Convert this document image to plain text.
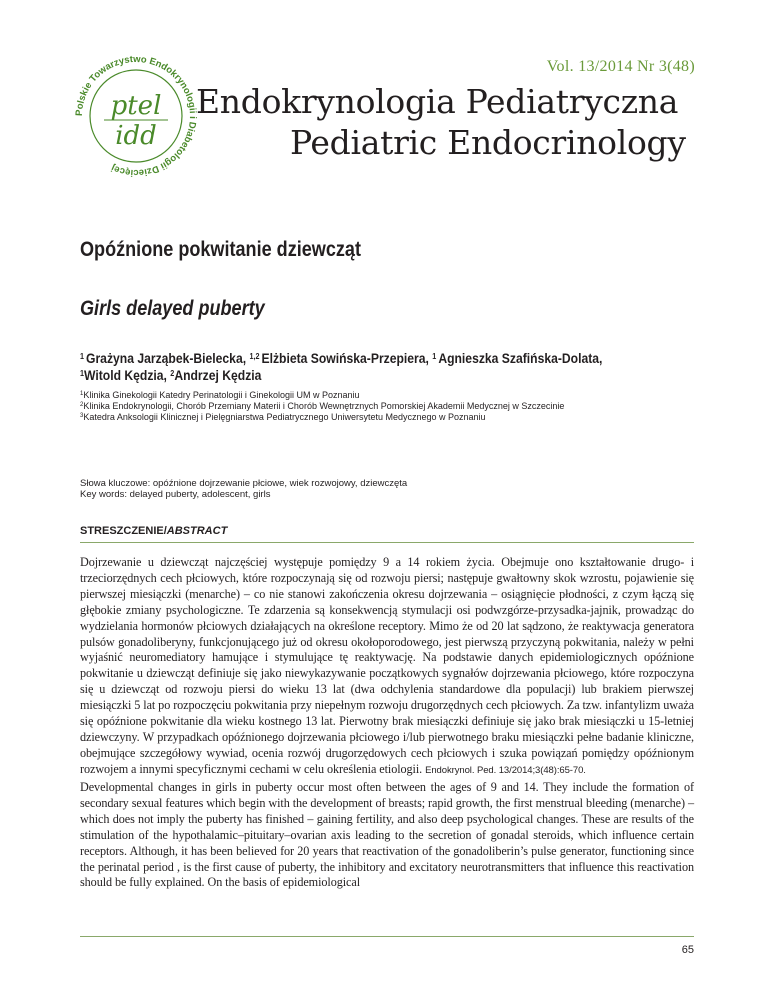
Polskie Towarzystwo Endokrynologii i Diabetologii Dziecięcej
ptel
idd
Vol. 13/2014 Nr 3(48)
Endokrynologia Pediatryczna
Pediatric Endocrinology
Opóźnione pokwitanie dziewcząt
Girls delayed puberty
$^1$ Grażyna Jarząbek-Bielecka, $^{1,2}$ Elżbieta Sowińska-Przepiera, $^1$ Agnieszka Szafińska-Dolata,
$^1$Witold Kędzia, $^2$Andrzej Kędzia
$^1$Klinika Ginekologii Katedry Perinatologii i Ginekologii UM w Poznaniu
$^2$Klinika Endokrynologii, Chorób Przemiany Materii i Chorób Wewnętrznych Pomorskiej Akademii Medycznej w Szczecinie
$^3$Katedra Anksologii Klinicznej i Pielęgniarstwa Pediatrycznego Uniwersytetu Medycznego w Poznaniu
Słowa kluczowe: opóźnione dojrzewanie płciowe, wiek rozwojowy, dziewczęta
Key words: delayed puberty, adolescent, girls
STRESZCZENIE/ABSTRACT
Dojrzewanie u dziewcząt najczęściej występuje pomiędzy 9 a 14 rokiem życia. Obejmuje ono kształtowanie drugo- i trzeciorzędnych cech płciowych, które rozpoczynają się od rozwoju piersi; następuje gwałtowny skok wzrostu, pojawienie się pierwszej miesiączki (menarche) – co nie stanowi zakończenia okresu dojrzewania – osiągnięcie płodności, z czym łączą się głębokie zmiany psychologiczne. Te zdarzenia są konsekwencją stymulacji osi podwzgórze-przysadka-jajnik, prowadząc do wydzielania hormonów płciowych działających na określone receptory. Mimo że od 20 lat sądzono, że reaktywacja generatora pulsów gonadoliberyny, funkcjonującego już od okresu okołoporodowego, jest pierwszą przyczyną pokwitania, należy w pełni wyjaśnić neuromediatory hamujące i stymulujące tę reaktywację. Na podstawie danych epidemiologicznych opóźnione pokwitanie u dziewcząt definiuje się jako niewykazywanie początkowych sygnałów dojrzewania płciowego, które rozpoczyna się u dziewcząt od rozwoju piersi do wieku 13 lat (dwa odchylenia standardowe dla populacji) lub brakiem pierwszej miesiączki 5 lat po rozpoczęciu pokwitania przy niepełnym rozwoju drugorzędnych cech płciowych. Za tzw. infantylizm uważa się opóźnione pokwitanie dla wieku kostnego 13 lat. Pierwotny brak miesiączki definiuje się jako brak miesiączki u 15-letniej dziewczyny. W przypadkach opóźnionego dojrzewania płciowego i/lub pierwotnego braku miesiączki pełne badanie kliniczne, obejmujące szczegółowy wywiad, ocenia rozwój drugorzędowych cech płciowych i szuka powiązań pomiędzy opóźnionym rozwojem a innymi specyficznymi cechami w celu określenia etiologii. Endokrynol. Ped. 13/2014;3(48):65-70.
Developmental changes in girls in puberty occur most often between the ages of 9 and 14. They include the formation of secondary sexual features which begin with the development of breasts; rapid growth, the first menstrual bleeding (menarche) – which does not imply the puberty has finished – gaining fertility, and also deep psychological changes. These are results of the stimulation of the hypothalamic–pituitary–ovarian axis leading to the secretion of gonadal steroids, which influence certain receptors. Although, it has been believed for 20 years that reactivation of the gonadoliberin’s pulse generator, functioning since the perinatal period , is the first cause of puberty, the inhibitory and excitatory neurotransmitters that influence this reactivation should be fully explained. On the basis of epidemiological
65
